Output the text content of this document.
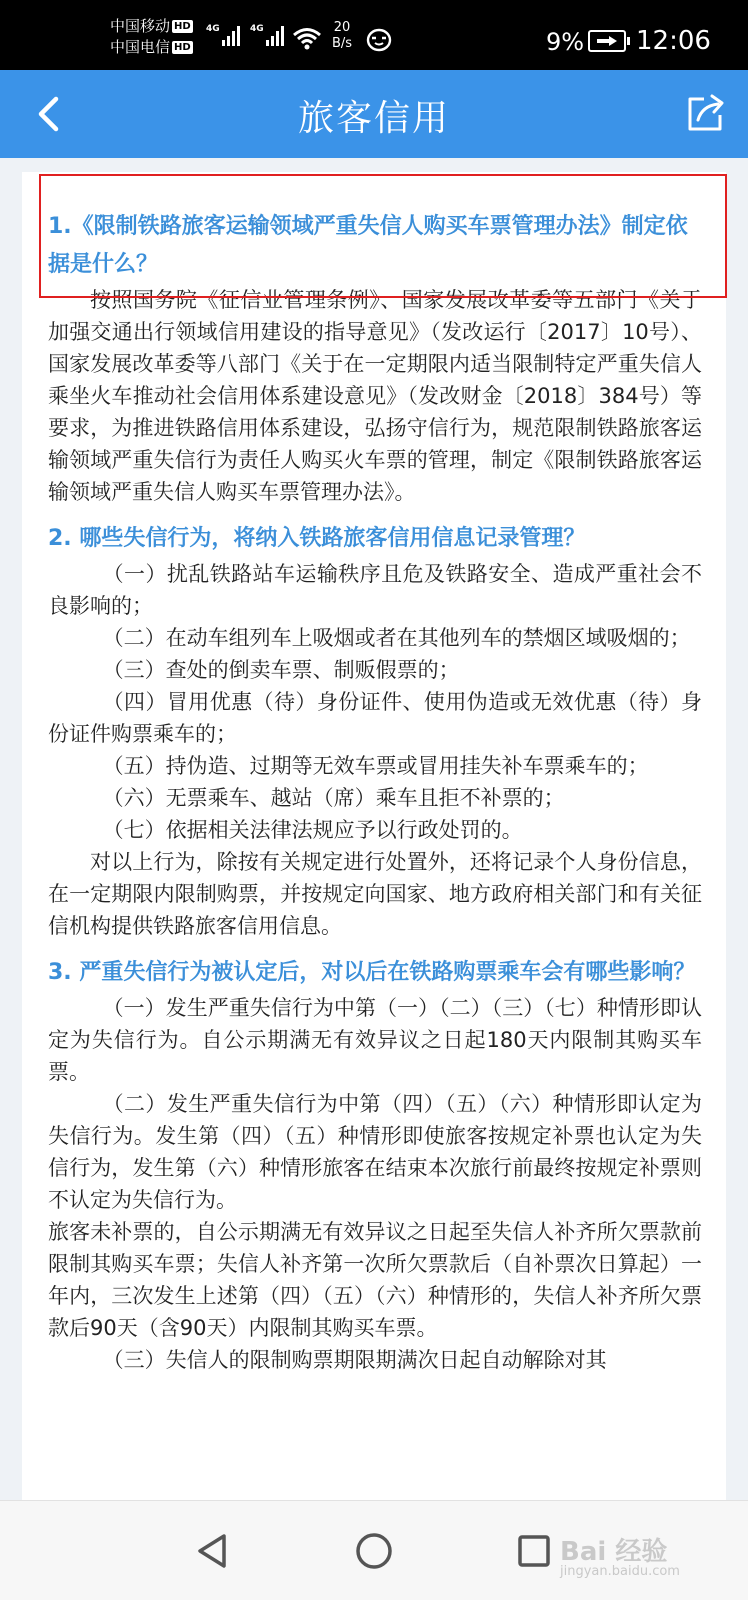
中国移动 HD
中国电信 HD
4G	4G	20
B/s	9% 12:06
旅客信用
1.《限制铁路旅客运输领域严重失信人购买车票管理办法》制定依据是什么？
按照国务院《征信业管理条例》、国家发展改革委等五部门《关于加强交通出行领域信用建设的指导意见》（发改运行〔2017〕10号）、国家发展改革委等八部门《关于在一定期限内适当限制特定严重失信人乘坐火车推动社会信用体系建设意见》（发改财金〔2018〕384号）等要求，为推进铁路信用体系建设，弘扬守信行为，规范限制铁路旅客运输领域严重失信行为责任人购买火车票的管理，制定《限制铁路旅客运输领域严重失信人购买车票管理办法》。
2. 哪些失信行为，将纳入铁路旅客信用信息记录管理？
（一）扰乱铁路站车运输秩序且危及铁路安全、造成严重社会不良影响的；
（二）在动车组列车上吸烟或者在其他列车的禁烟区域吸烟的；
（三）查处的倒卖车票、制贩假票的；
（四）冒用优惠（待）身份证件、使用伪造或无效优惠（待）身份证件购票乘车的；
（五）持伪造、过期等无效车票或冒用挂失补车票乘车的；
（六）无票乘车、越站（席）乘车且拒不补票的；
（七）依据相关法律法规应予以行政处罚的。
对以上行为，除按有关规定进行处置外，还将记录个人身份信息，在一定期限内限制购票，并按规定向国家、地方政府相关部门和有关征信机构提供铁路旅客信用信息。
3. 严重失信行为被认定后，对以后在铁路购票乘车会有哪些影响？
（一）发生严重失信行为中第（一）（二）（三）（七）种情形即认定为失信行为。自公示期满无有效异议之日起180天内限制其购买车票。
（二）发生严重失信行为中第（四）（五）（六）种情形即认定为失信行为。发生第（四）（五）种情形即使旅客按规定补票也认定为失信行为，发生第（六）种情形旅客在结束本次旅行前最终按规定补票则不认定为失信行为。
旅客未补票的，自公示期满无有效异议之日起至失信人补齐所欠票款前限制其购买车票；失信人补齐第一次所欠票款后（自补票次日算起）一年内，三次发生上述第（四）（五）（六）种情形的，失信人补齐所欠票款后90天（含90天）内限制其购买车票。
（三）失信人的限制购票期限期满次日起自动解除对其
Bai 经验
jingyan.baidu.com
